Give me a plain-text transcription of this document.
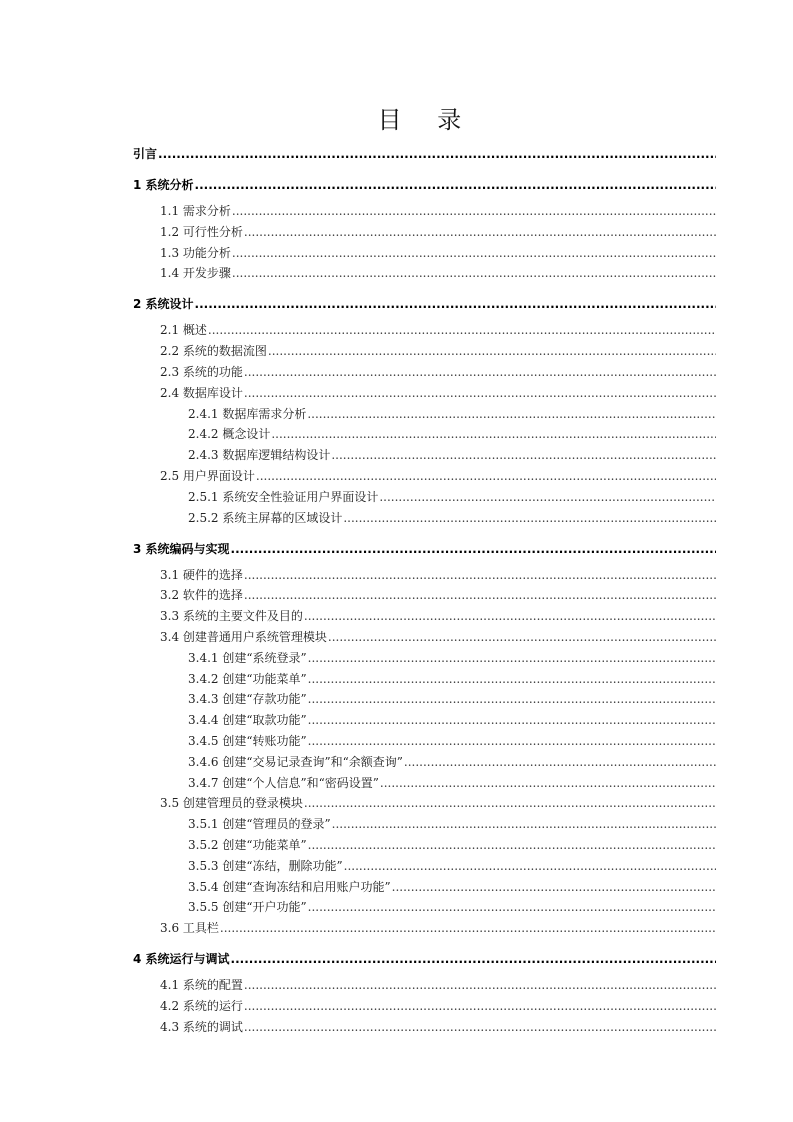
目 录
引言
.....
1 系统分析
.....
1.1 需求分析
.....
1.2 可行性分析
.....
1.3 功能分析
.....
1.4 开发步骤
.....
2 系统设计
.....
2.1 概述
.....
2.2 系统的数据流图
.....
2.3 系统的功能
.....
2.4 数据库设计
.....
2.4.1 数据库需求分析
.....
2.4.2 概念设计
.....
2.4.3 数据库逻辑结构设计
.....
2.5 用户界面设计
.....
2.5.1 系统安全性验证用户界面设计
.....
2.5.2 系统主屏幕的区域设计
.....
3 系统编码与实现
.....
3.1 硬件的选择
.....
3.2 软件的选择
.....
3.3 系统的主要文件及目的
.....
3.4 创建普通用户系统管理模块
.....
3.4.1 创建“系统登录”
.....
3.4.2 创建“功能菜单”
.....
3.4.3 创建“存款功能”
.....
3.4.4 创建“取款功能”
.....
3.4.5 创建“转账功能”
.....
3.4.6 创建“交易记录查询”和“余额查询”
.....
3.4.7 创建“个人信息”和“密码设置”
.....
3.5 创建管理员的登录模块
.....
3.5.1 创建“管理员的登录”
.....
3.5.2 创建“功能菜单”
.....
3.5.3 创建“冻结，删除功能”
.....
3.5.4 创建“查询冻结和启用账户功能”
.....
3.5.5 创建“开户功能”
.....
3.6 工具栏
.....
4 系统运行与调试
.....
4.1 系统的配置
.....
4.2 系统的运行
.....
4.3 系统的调试
.....
